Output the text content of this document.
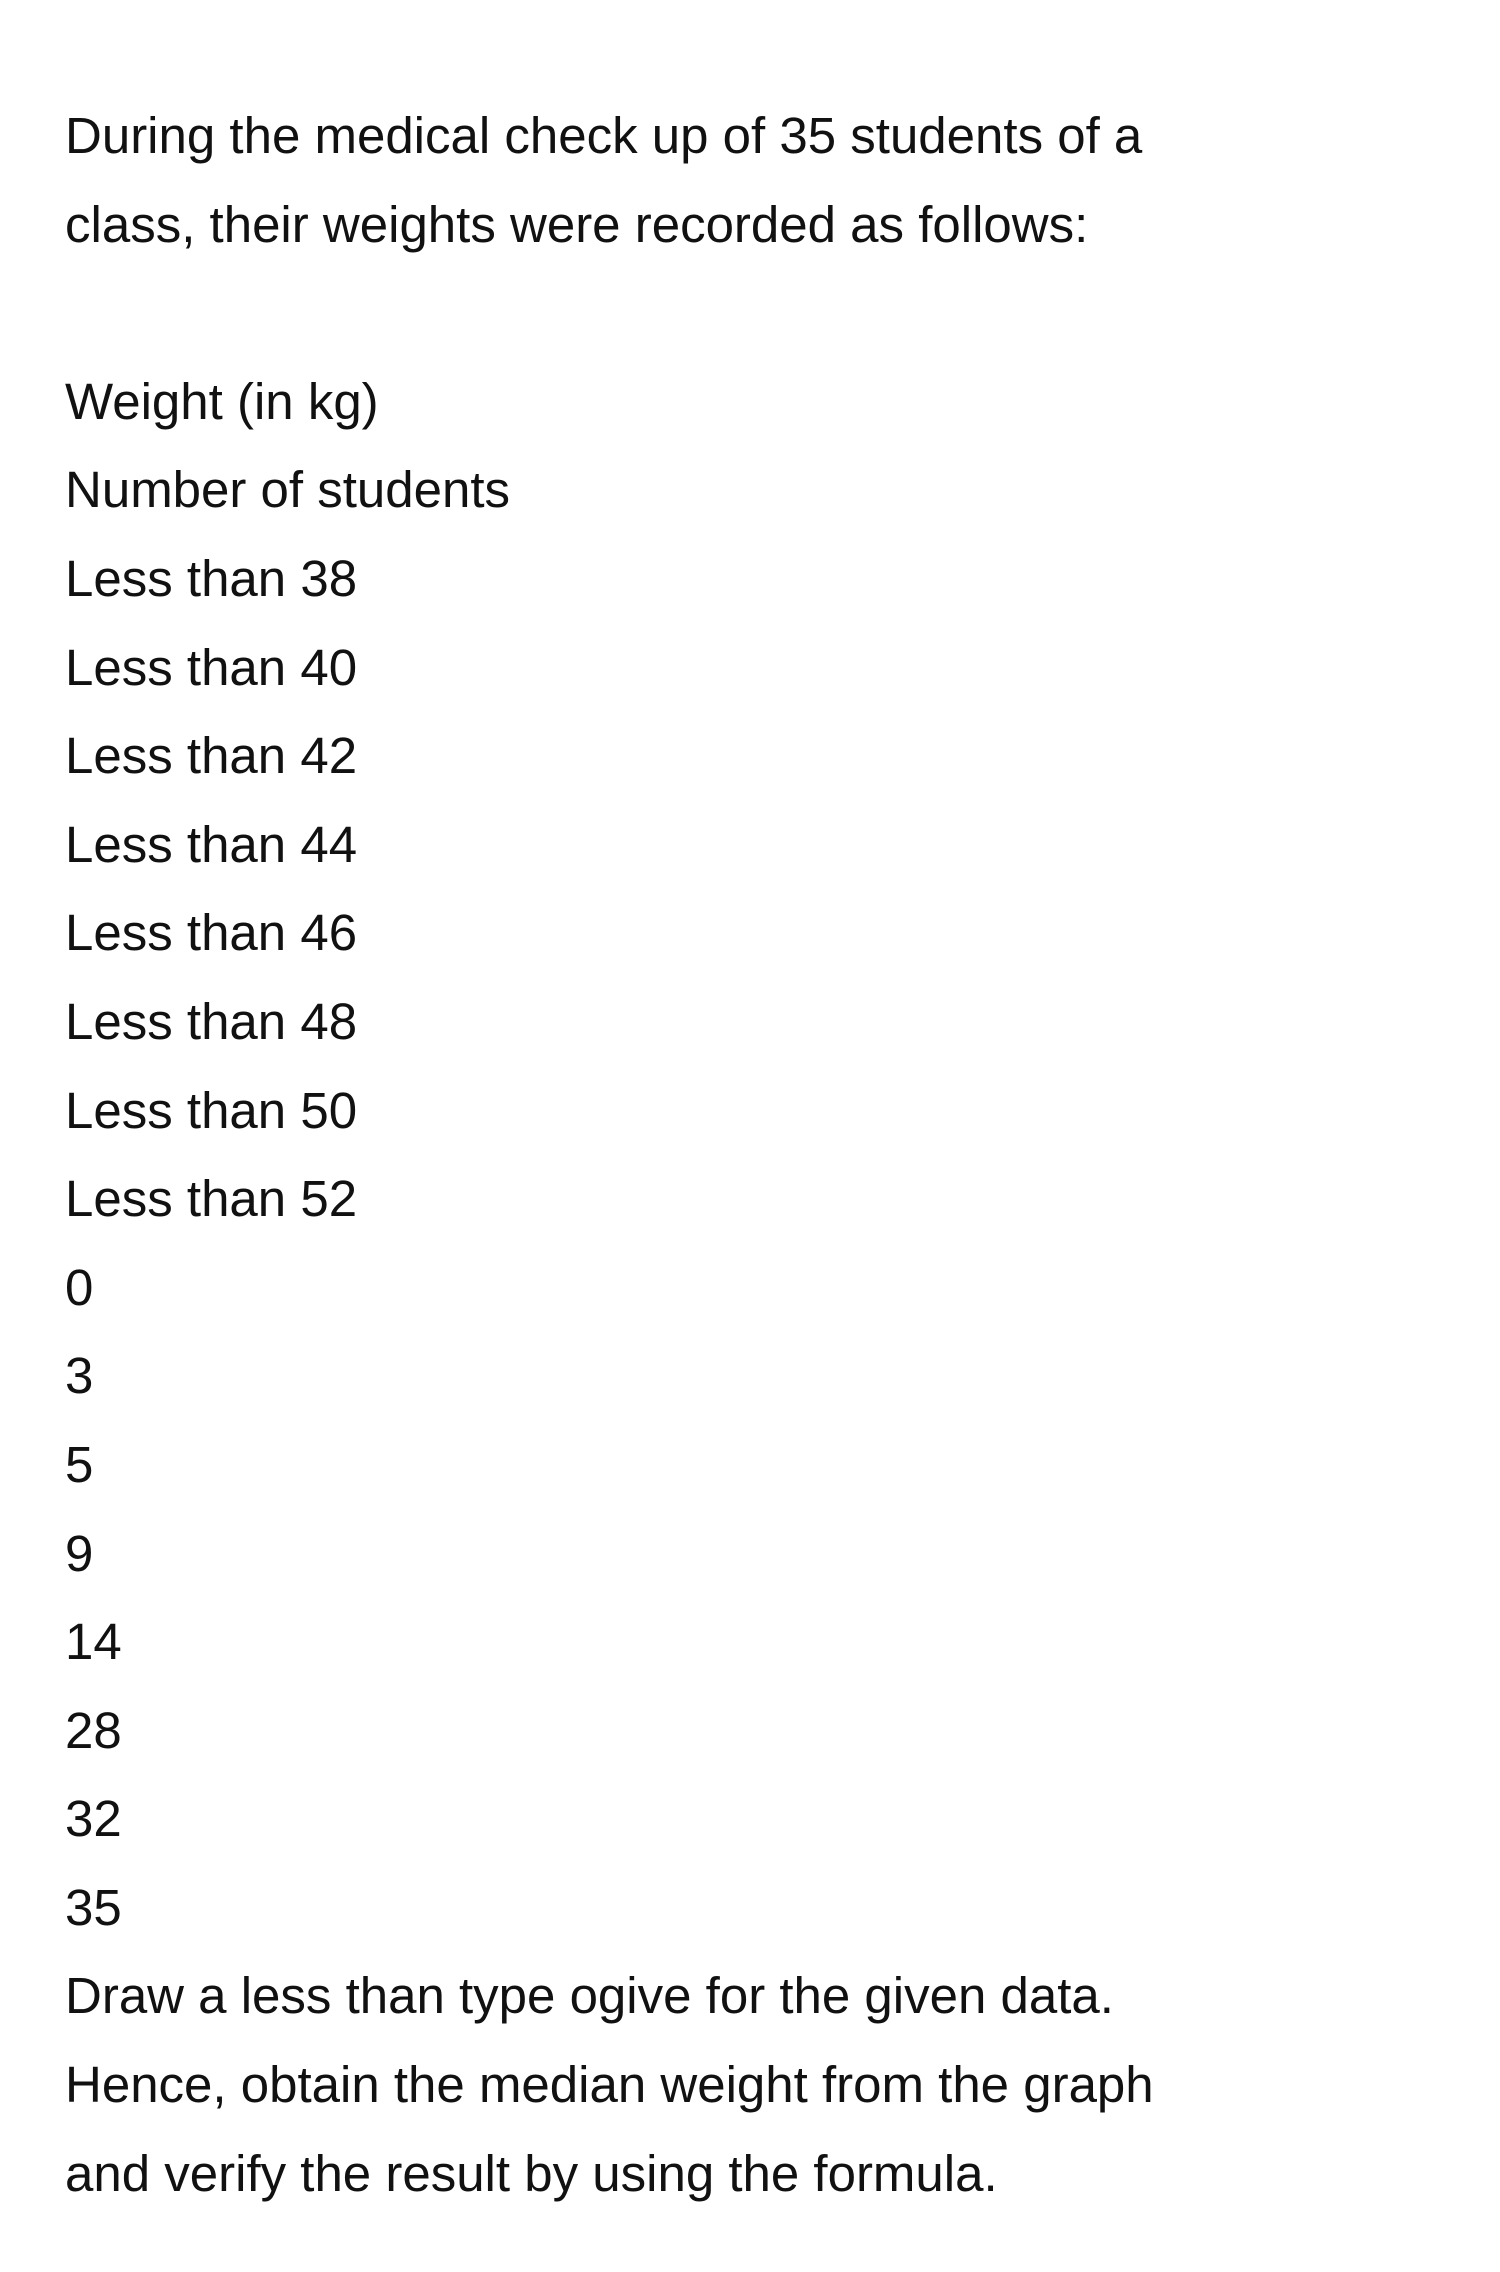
During the medical check up of 35 students of a

class, their weights were recorded as follows:

Weight (in kg)

Number of students

Less than 38

Less than 40

Less than 42

Less than 44

Less than 46

Less than 48

Less than 50

Less than 52

0

3

5

9

14

28

32

35

Draw a less than type ogive for the given data.

Hence, obtain the median weight from the graph

and verify the result by using the formula.
